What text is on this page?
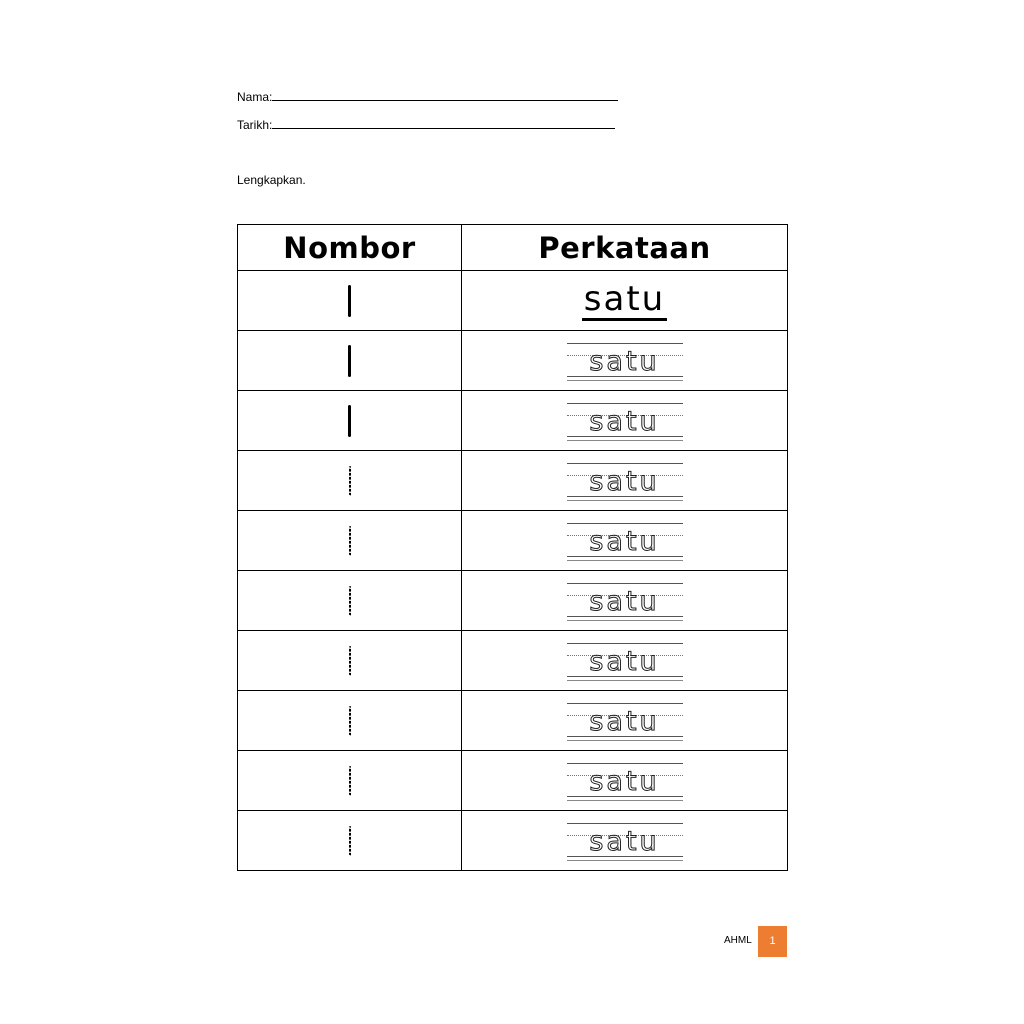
Nama:
Tarikh:
Lengkapkan.
Nombor	Perkataan
	satu

	satu

	satu

	satu

	satu

	satu

	satu

	satu

	satu

	satu
AHML	1
